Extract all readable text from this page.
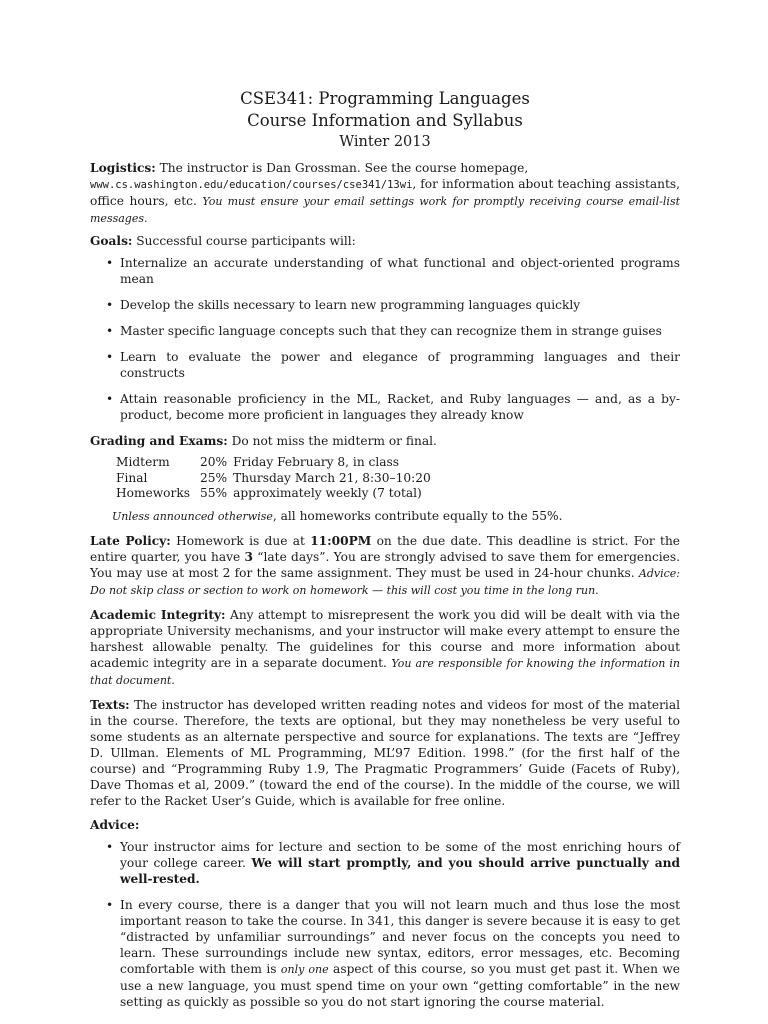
CSE341: Programming Languages

Course Information and Syllabus

Winter 2013

Logistics: The instructor is Dan Grossman. See the course homepage,
www.cs.washington.edu/education/courses/cse341/13wi, for information about teaching assistants, office hours, etc. You must ensure your email settings work for promptly receiving course email-list messages.

Goals: Successful course participants will:

• Internalize an accurate understanding of what functional and object-oriented programs mean
• Develop the skills necessary to learn new programming languages quickly
• Master specific language concepts such that they can recognize them in strange guises
• Learn to evaluate the power and elegance of programming languages and their constructs
• Attain reasonable proficiency in the ML, Racket, and Ruby languages — and, as a by-product, become more proficient in languages they already know

Grading and Exams: Do not miss the midterm or final.

Midterm	20%	Friday February 8, in class
Final	25%	Thursday March 21, 8:30–10:20
Homeworks	55%	approximately weekly (7 total)

Unless announced otherwise, all homeworks contribute equally to the 55%.

Late Policy: Homework is due at 11:00PM on the due date. This deadline is strict. For the entire quarter, you have 3 “late days”. You are strongly advised to save them for emergencies. You may use at most 2 for the same assignment. They must be used in 24-hour chunks. Advice: Do not skip class or section to work on homework — this will cost you time in the long run.

Academic Integrity: Any attempt to misrepresent the work you did will be dealt with via the appropriate University mechanisms, and your instructor will make every attempt to ensure the harshest allowable penalty. The guidelines for this course and more information about academic integrity are in a separate document. You are responsible for knowing the information in that document.

Texts: The instructor has developed written reading notes and videos for most of the material in the course. Therefore, the texts are optional, but they may nonetheless be very useful to some students as an alternate perspective and source for explanations. The texts are “Jeffrey D. Ullman. Elements of ML Programming, ML’97 Edition. 1998.” (for the first half of the course) and “Programming Ruby 1.9, The Pragmatic Programmers’ Guide (Facets of Ruby), Dave Thomas et al, 2009.” (toward the end of the course). In the middle of the course, we will refer to the Racket User’s Guide, which is available for free online.

Advice:

• Your instructor aims for lecture and section to be some of the most enriching hours of your college career. We will start promptly, and you should arrive punctually and well-rested.
• In every course, there is a danger that you will not learn much and thus lose the most important reason to take the course. In 341, this danger is severe because it is easy to get “distracted by unfamiliar surroundings” and never focus on the concepts you need to learn. These surroundings include new syntax, editors, error messages, etc. Becoming comfortable with them is only one aspect of this course, so you must get past it. When we use a new language, you must spend time on your own “getting comfortable” in the new setting as quickly as possible so you do not start ignoring the course material.
